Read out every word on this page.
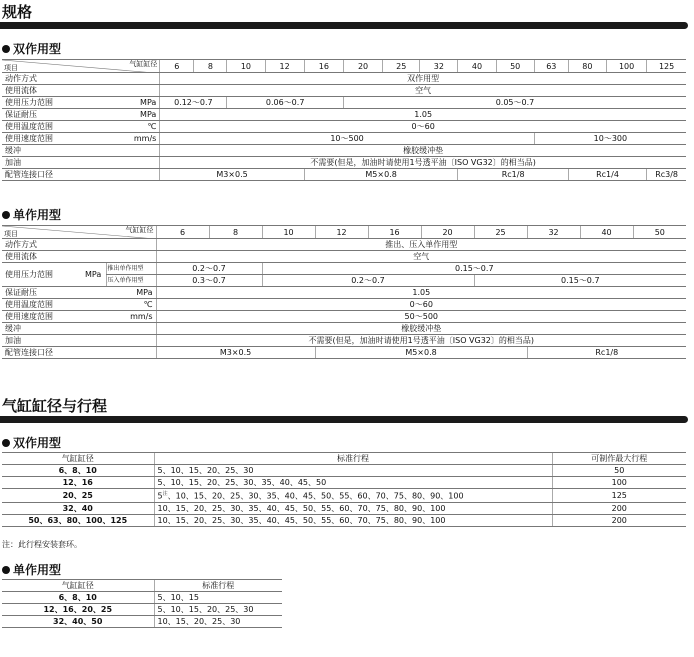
规格
双作用型
气缸缸径
项目		6	8	10	12	16	20	25	32	40	50	63	80	100	125
动作方式		双作用型													
使用流体		空气													
使用压力范围	MPa	0.12～0.7		0.06～0.7			0.05～0.7								
保证耐压	MPa	1.05													
使用温度范围	℃	0～60													
使用速度范围	mm/s	10～500										10～300			
缓冲		橡胶缓冲垫													
加油		不需要(但是，加油时请使用1号透平油〔ISO VG32〕的相当品)													
配管连接口径		M3×0.5				M5×0.8				Rc1/8			Rc1/4		Rc3/8
单作用型
气缸缸径
项目			6	8	10	12	16	20	25	32	40	50
动作方式			推出、压入单作用型									
使用流体			空气									
使用压力范围	MPa	推出单作用型	0.2～0.7		0.15～0.7							
		压入单作用型	0.3～0.7		0.2～0.7				0.15～0.7			
保证耐压		MPa	1.05									
使用温度范围		℃	0～60									
使用速度范围		mm/s	50～500									
缓冲			橡胶缓冲垫									
加油			不需要(但是，加油时请使用1号透平油〔ISO VG32〕的相当品)									
配管连接口径			M3×0.5			M5×0.8				Rc1/8		
气缸缸径与行程
双作用型
气缸缸径	标准行程	可制作最大行程
6、8、10	5、10、15、20、25、30	50
12、16	5、10、15、20、25、30、35、40、45、50	100
20、25	$5^注$、10、15、20、25、30、35、40、45、50、55、60、70、75、80、90、100	125
32、40	10、15、20、25、30、35、40、45、50、55、60、70、75、80、90、100	200
50、63、80、100、125	10、15、20、25、30、35、40、45、50、55、60、70、75、80、90、100	200
注：此行程安装套环。
单作用型
气缸缸径	标准行程
6、8、10	5、10、15
12、16、20、25	5、10、15、20、25、30
32、40、50	10、15、20、25、30
